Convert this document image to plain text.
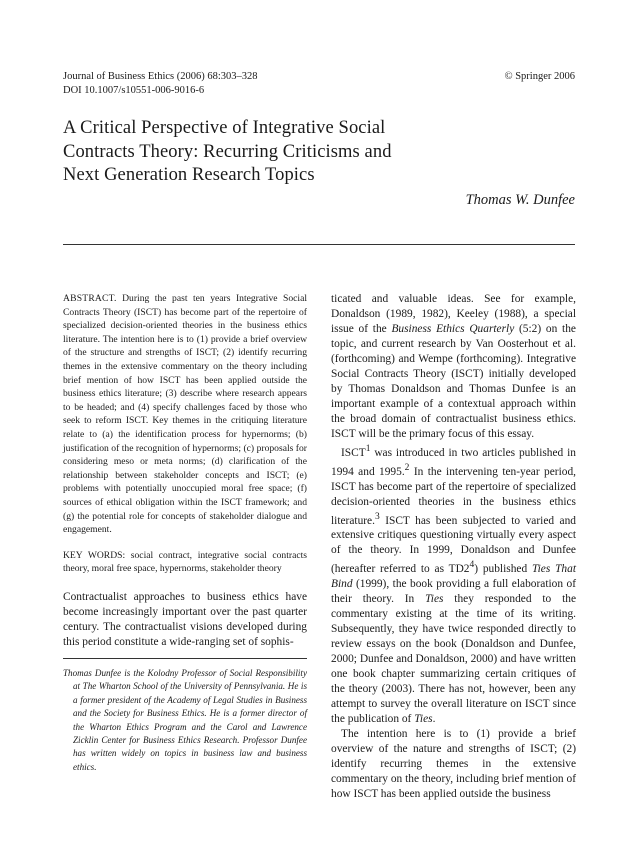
Journal of Business Ethics (2006) 68:303–328
DOI 10.1007/s10551-006-9016-6
© Springer 2006
A Critical Perspective of Integrative Social Contracts Theory: Recurring Criticisms and Next Generation Research Topics
Thomas W. Dunfee

ABSTRACT. During the past ten years Integrative Social Contracts Theory (ISCT) has become part of the repertoire of specialized decision-oriented theories in the business ethics literature. The intention here is to (1) provide a brief overview of the structure and strengths of ISCT; (2) identify recurring themes in the extensive commentary on the theory including brief mention of how ISCT has been applied outside the business ethics literature; (3) describe where research appears to be headed; and (4) specify challenges faced by those who seek to reform ISCT. Key themes in the critiquing literature relate to (a) the identification process for hypernorms; (b) justification of the recognition of hypernorms; (c) proposals for considering meso or meta norms; (d) clarification of the relationship between stakeholder concepts and ISCT; (e) problems with potentially unoccupied moral free space; (f) sources of ethical obligation within the ISCT framework; and (g) the potential role for concepts of stakeholder dialogue and engagement.

KEY WORDS: social contract, integrative social contracts theory, moral free space, hypernorms, stakeholder theory

Contractualist approaches to business ethics have become increasingly important over the past quarter century. The contractualist visions developed during this period constitute a wide-ranging set of sophis-

Thomas Dunfee is the Kolodny Professor of Social Responsibility at The Wharton School of the University of Pennsylvania. He is a former president of the Academy of Legal Studies in Business and the Society for Business Ethics. He is a former director of the Wharton Ethics Program and the Carol and Lawrence Zicklin Center for Business Ethics Research. Professor Dunfee has written widely on topics in business law and business ethics.

ticated and valuable ideas. See for example, Donaldson (1989, 1982), Keeley (1988), a special issue of the Business Ethics Quarterly (5:2) on the topic, and current research by Van Oosterhout et al. (forthcoming) and Wempe (forthcoming). Integrative Social Contracts Theory (ISCT) initially developed by Thomas Donaldson and Thomas Dunfee is an important example of a contextual approach within the broad domain of contractualist business ethics. ISCT will be the primary focus of this essay.

ISCT$^1$ was introduced in two articles published in 1994 and 1995.$^2$ In the intervening ten-year period, ISCT has become part of the repertoire of specialized decision-oriented theories in the business ethics literature.$^3$ ISCT has been subjected to varied and extensive critiques questioning virtually every aspect of the theory. In 1999, Donaldson and Dunfee (hereafter referred to as $TD2^4$) published Ties That Bind (1999), the book providing a full elaboration of their theory. In Ties they responded to the commentary existing at the time of its writing. Subsequently, they have twice responded directly to review essays on the book (Donaldson and Dunfee, 2000; Dunfee and Donaldson, 2000) and have written one book chapter summarizing certain critiques of the theory (2003). There has not, however, been any attempt to survey the overall literature on ISCT since the publication of Ties.

The intention here is to (1) provide a brief overview of the nature and strengths of ISCT; (2) identify recurring themes in the extensive commentary on the theory, including brief mention of how ISCT has been applied outside the business
